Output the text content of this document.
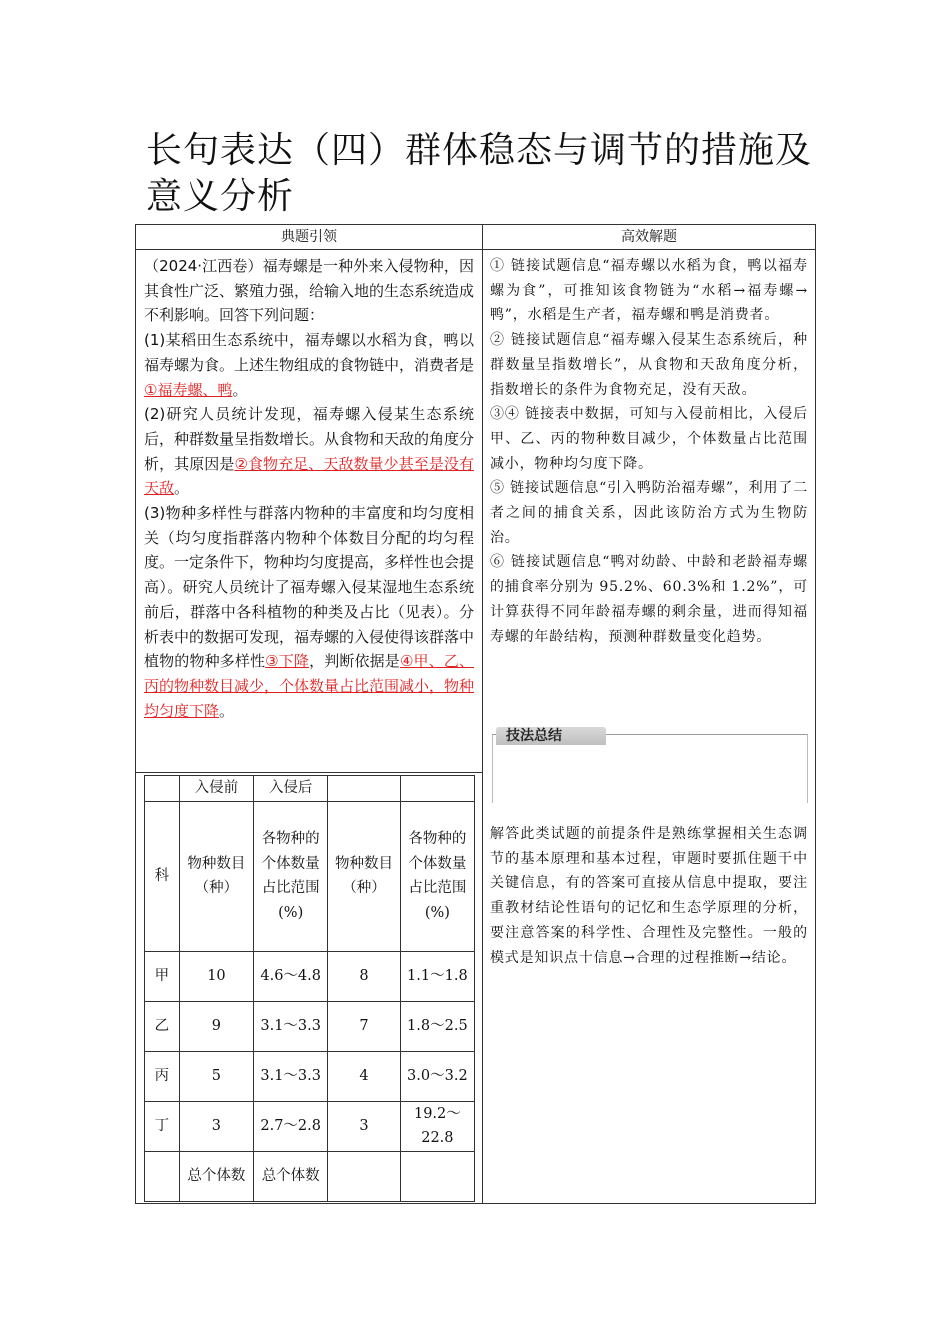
长句表达（四）群体稳态与调节的措施及意义分析
典题引领	高效解题

（2024·江西卷）福寿螺是一种外来入侵物种，因其食性广泛、繁殖力强，给输入地的生态系统造成不利影响。回答下列问题：

(1)某稻田生态系统中，福寿螺以水稻为食，鸭以福寿螺为食。上述生物组成的食物链中，消费者是①福寿螺、鸭。

(2)研究人员统计发现，福寿螺入侵某生态系统后，种群数量呈指数增长。从食物和天敌的角度分析，其原因是②食物充足、天敌数量少甚至是没有天敌。

(3)物种多样性与群落内物种的丰富度和均匀度相关（均匀度指群落内物种个体数目分配的均匀程度。一定条件下，物种均匀度提高，多样性也会提高）。研究人员统计了福寿螺入侵某湿地生态系统前后，群落中各科植物的种类及占比（见表）。分析表中的数据可发现，福寿螺的入侵使得该群落中植物的物种多样性③下降，判断依据是④甲、乙、丙的物种数目减少，个体数量占比范围减小，物种均匀度下降。

	入侵前	入侵后		
科	物种数目（种）	各物种的个体数量占比范围(%)	物种数目（种）	各物种的个体数量占比范围(%)
甲	10	4.6～4.8	8	1.1～1.8
乙	9	3.1～3.3	7	1.8～2.5
丙	5	3.1～3.3	4	3.0～3.2
丁	3	2.7～2.8	3	19.2～22.8
	总个体数	总个体数		

① 链接试题信息“福寿螺以水稻为食，鸭以福寿螺为食”，可推知该食物链为“水稻→福寿螺→鸭”，水稻是生产者，福寿螺和鸭是消费者。

② 链接试题信息“福寿螺入侵某生态系统后，种群数量呈指数增长”，从食物和天敌角度分析，指数增长的条件为食物充足，没有天敌。

③④ 链接表中数据，可知与入侵前相比，入侵后甲、乙、丙的物种数目减少，个体数量占比范围减小，物种均匀度下降。

⑤ 链接试题信息“引入鸭防治福寿螺”，利用了二者之间的捕食关系，因此该防治方式为生物防治。

⑥ 链接试题信息“鸭对幼龄、中龄和老龄福寿螺的捕食率分别为 95.2%、60.3%和 1.2%”，可计算获得不同年龄福寿螺的剩余量，进而得知福寿螺的年龄结构，预测种群数量变化趋势。

技法总结
解答此类试题的前提条件是熟练掌握相关生态调节的基本原理和基本过程，审题时要抓住题干中关键信息，有的答案可直接从信息中提取，要注重教材结论性语句的记忆和生态学原理的分析，要注意答案的科学性、合理性及完整性。一般的模式是知识点十信息→合理的过程推断→结论。
